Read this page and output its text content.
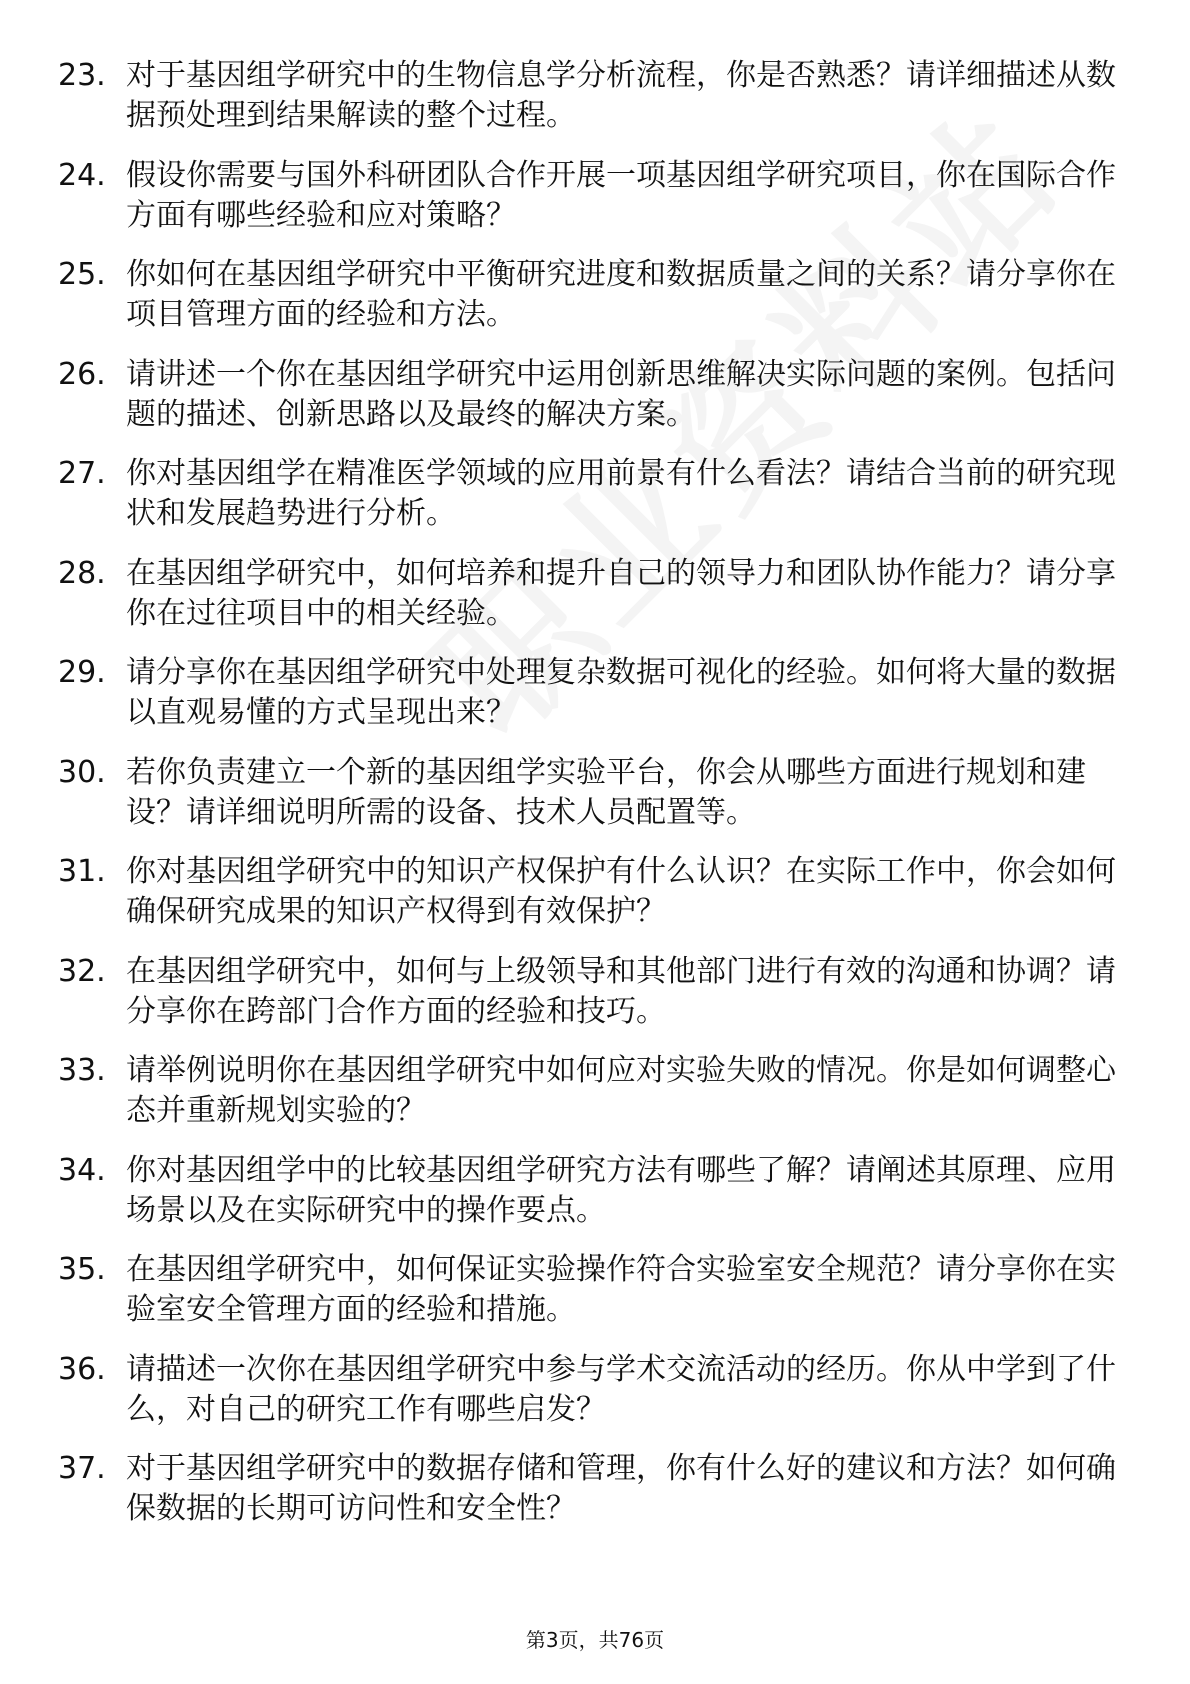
23. 对于基因组学研究中的生物信息学分析流程，你是否熟悉？请详细描述从数据预处理到结果解读的整个过程。
24. 假设你需要与国外科研团队合作开展一项基因组学研究项目，你在国际合作方面有哪些经验和应对策略？
25. 你如何在基因组学研究中平衡研究进度和数据质量之间的关系？请分享你在项目管理方面的经验和方法。
26. 请讲述一个你在基因组学研究中运用创新思维解决实际问题的案例。包括问题的描述、创新思路以及最终的解决方案。
27. 你对基因组学在精准医学领域的应用前景有什么看法？请结合当前的研究现状和发展趋势进行分析。
28. 在基因组学研究中，如何培养和提升自己的领导力和团队协作能力？请分享你在过往项目中的相关经验。
29. 请分享你在基因组学研究中处理复杂数据可视化的经验。如何将大量的数据以直观易懂的方式呈现出来？
30. 若你负责建立一个新的基因组学实验平台，你会从哪些方面进行规划和建设？请详细说明所需的设备、技术人员配置等。
31. 你对基因组学研究中的知识产权保护有什么认识？在实际工作中，你会如何确保研究成果的知识产权得到有效保护？
32. 在基因组学研究中，如何与上级领导和其他部门进行有效的沟通和协调？请分享你在跨部门合作方面的经验和技巧。
33. 请举例说明你在基因组学研究中如何应对实验失败的情况。你是如何调整心态并重新规划实验的？
34. 你对基因组学中的比较基因组学研究方法有哪些了解？请阐述其原理、应用场景以及在实际研究中的操作要点。
35. 在基因组学研究中，如何保证实验操作符合实验室安全规范？请分享你在实验室安全管理方面的经验和措施。
36. 请描述一次你在基因组学研究中参与学术交流活动的经历。你从中学到了什么，对自己的研究工作有哪些启发？
37. 对于基因组学研究中的数据存储和管理，你有什么好的建议和方法？如何确保数据的长期可访问性和安全性？
第3页，共76页
